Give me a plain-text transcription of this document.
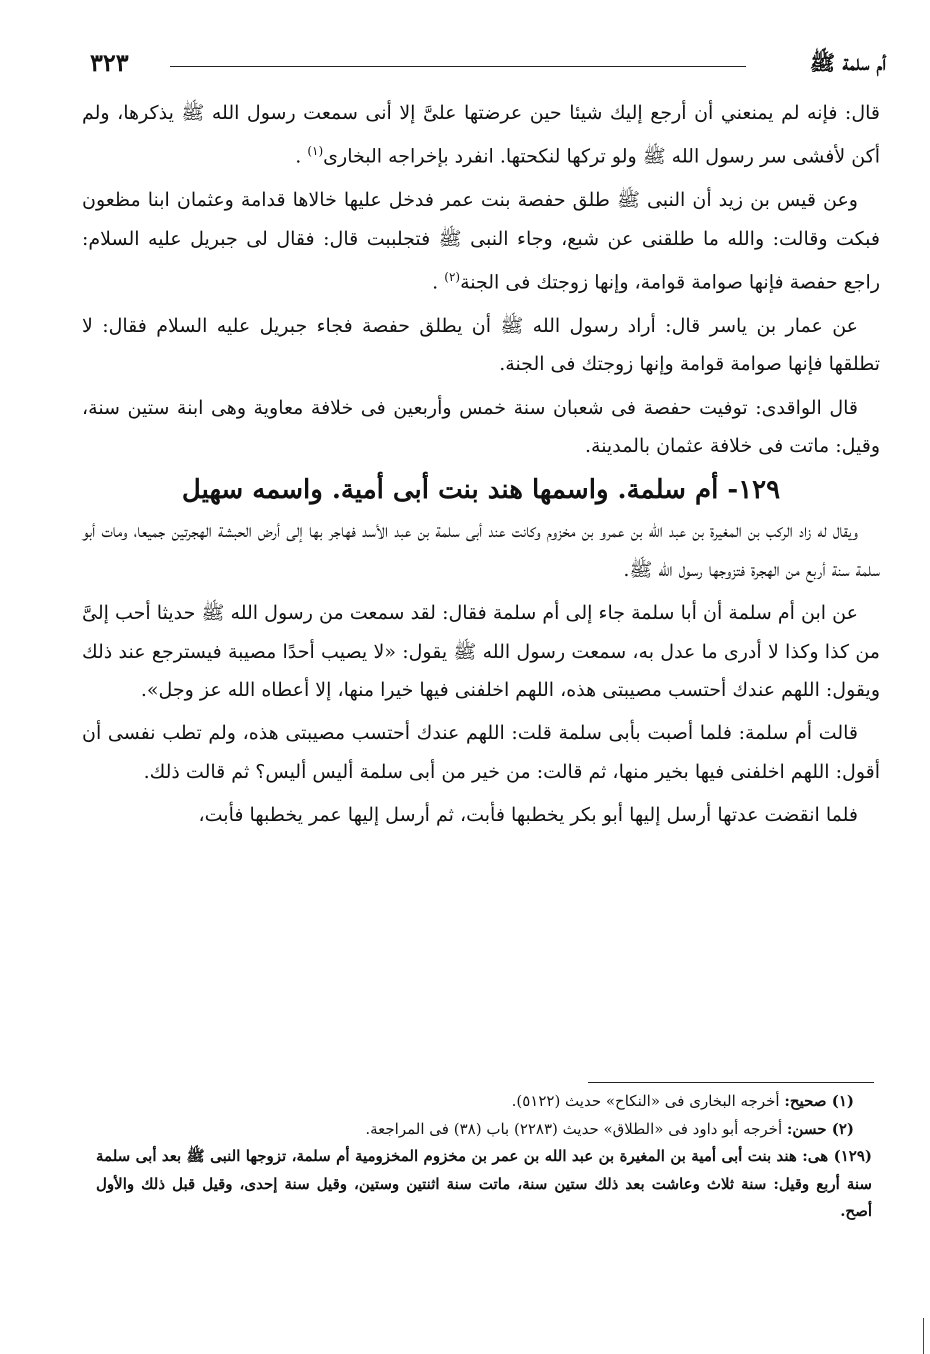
أم سلمة ﷺ
٣٢٣

قال: فإنه لم يمنعني أن أرجع إليك شيئا حين عرضتها علىَّ إلا أنى سمعت رسول الله ﷺ يذكرها، ولم أكن لأفشى سر رسول الله ﷺ ولو تركها لنكحتها. انفرد بإخراجه البخارى$^{(١)}$ .

وعن قيس بن زيد أن النبى ﷺ طلق حفصة بنت عمر فدخل عليها خالاها قدامة وعثمان ابنا مظعون فبكت وقالت: والله ما طلقنى عن شبع، وجاء النبى ﷺ فتجلببت قال: فقال لى جبريل عليه السلام: راجع حفصة فإنها صوامة قوامة، وإنها زوجتك فى الجنة$^{(٢)}$ .

عن عمار بن ياسر قال: أراد رسول الله ﷺ أن يطلق حفصة فجاء جبريل عليه السلام فقال: لا تطلقها فإنها صوامة قوامة وإنها زوجتك فى الجنة.

قال الواقدى: توفيت حفصة فى شعبان سنة خمس وأربعين فى خلافة معاوية وهى ابنة ستين سنة، وقيل: ماتت فى خلافة عثمان بالمدينة.

١٢٩- أم سلمة. واسمها هند بنت أبى أمية. واسمه سهيل

ويقال له زاد الركب بن المغيرة بن عبد الله بن عمرو بن مخزوم وكانت عند أبى سلمة بن عبد الأسد فهاجر بها إلى أرض الحبشة الهجرتين جميعا، ومات أبو سلمة سنة أربع من الهجرة فتزوجها رسول الله ﷺ.

عن ابن أم سلمة أن أبا سلمة جاء إلى أم سلمة فقال: لقد سمعت من رسول الله ﷺ حديثا أحب إلىَّ من كذا وكذا لا أدرى ما عدل به، سمعت رسول الله ﷺ يقول: «لا يصيب أحدًا مصيبة فيسترجع عند ذلك ويقول: اللهم عندك أحتسب مصيبتى هذه، اللهم اخلفنى فيها خيرا منها، إلا أعطاه الله عز وجل».

قالت أم سلمة: فلما أصبت بأبى سلمة قلت: اللهم عندك أحتسب مصيبتى هذه، ولم تطب نفسى أن أقول: اللهم اخلفنى فيها بخير منها، ثم قالت: من خير من أبى سلمة أليس أليس؟ ثم قالت ذلك.

فلما انقضت عدتها أرسل إليها أبو بكر يخطبها فأبت، ثم أرسل إليها عمر يخطبها فأبت،

(١) صحيح: أخرجه البخارى فى «النكاح» حديث (٥١٢٢).

(٢) حسن: أخرجه أبو داود فى «الطلاق» حديث (٢٢٨٣) باب (٣٨) فى المراجعة.

(١٢٩) هى: هند بنت أبى أمية بن المغيرة بن عبد الله بن عمر بن مخزوم المخزومية أم سلمة، تزوجها النبى ﷺ بعد أبى سلمة سنة أربع وقيل: سنة ثلاث وعاشت بعد ذلك ستين سنة، ماتت سنة اثنتين وستين، وقيل سنة إحدى، وقيل قبل ذلك والأول أصح.
